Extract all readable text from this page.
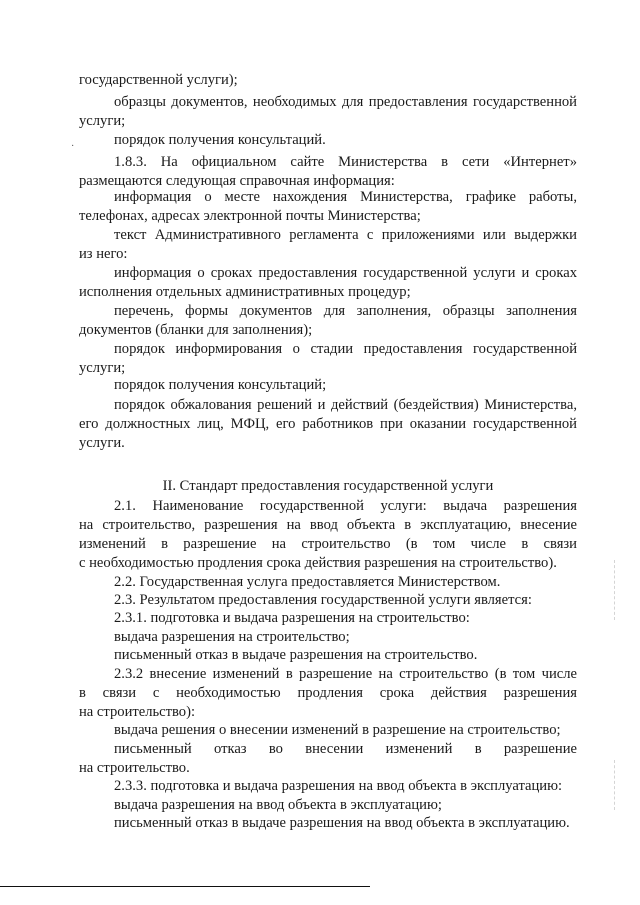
·

государственной услуги);

образцы документов, необходимых для предоставления государственной

услуги;

порядок получения консультаций.

1.8.3. На официальном сайте Министерства в сети «Интернет»

размещаются следующая справочная информация:

информация о месте нахождения Министерства, графике работы,

телефонах, адресах электронной почты Министерства;

текст Административного регламента с приложениями или выдержки

из него:

информация о сроках предоставления государственной услуги и сроках

исполнения отдельных административных процедур;

перечень, формы документов для заполнения, образцы заполнения

документов (бланки для заполнения);

порядок информирования о стадии предоставления государственной

услуги;

порядок получения консультаций;

порядок обжалования решений и действий (бездействия) Министерства,

его должностных лиц, МФЦ, его работников при оказании государственной

услуги.

II. Стандарт предоставления государственной услуги

2.1. Наименование государственной услуги: выдача разрешения

на строительство, разрешения на ввод объекта в эксплуатацию, внесение

изменений в разрешение на строительство (в том числе в связи

с необходимостью продления срока действия разрешения на строительство).

2.2. Государственная услуга предоставляется Министерством.

2.3. Результатом предоставления государственной услуги является:

2.3.1. подготовка и выдача разрешения на строительство:

выдача разрешения на строительство;

письменный отказ в выдаче разрешения на строительство.

2.3.2 внесение изменений в разрешение на строительство (в том числе

в связи с необходимостью продления срока действия разрешения

на строительство):

выдача решения о внесении изменений в разрешение на строительство;

письменный отказ во внесении изменений в разрешение

на строительство.

2.3.3. подготовка и выдача разрешения на ввод объекта в эксплуатацию:

выдача разрешения на ввод объекта в эксплуатацию;

письменный отказ в выдаче разрешения на ввод объекта в эксплуатацию.
